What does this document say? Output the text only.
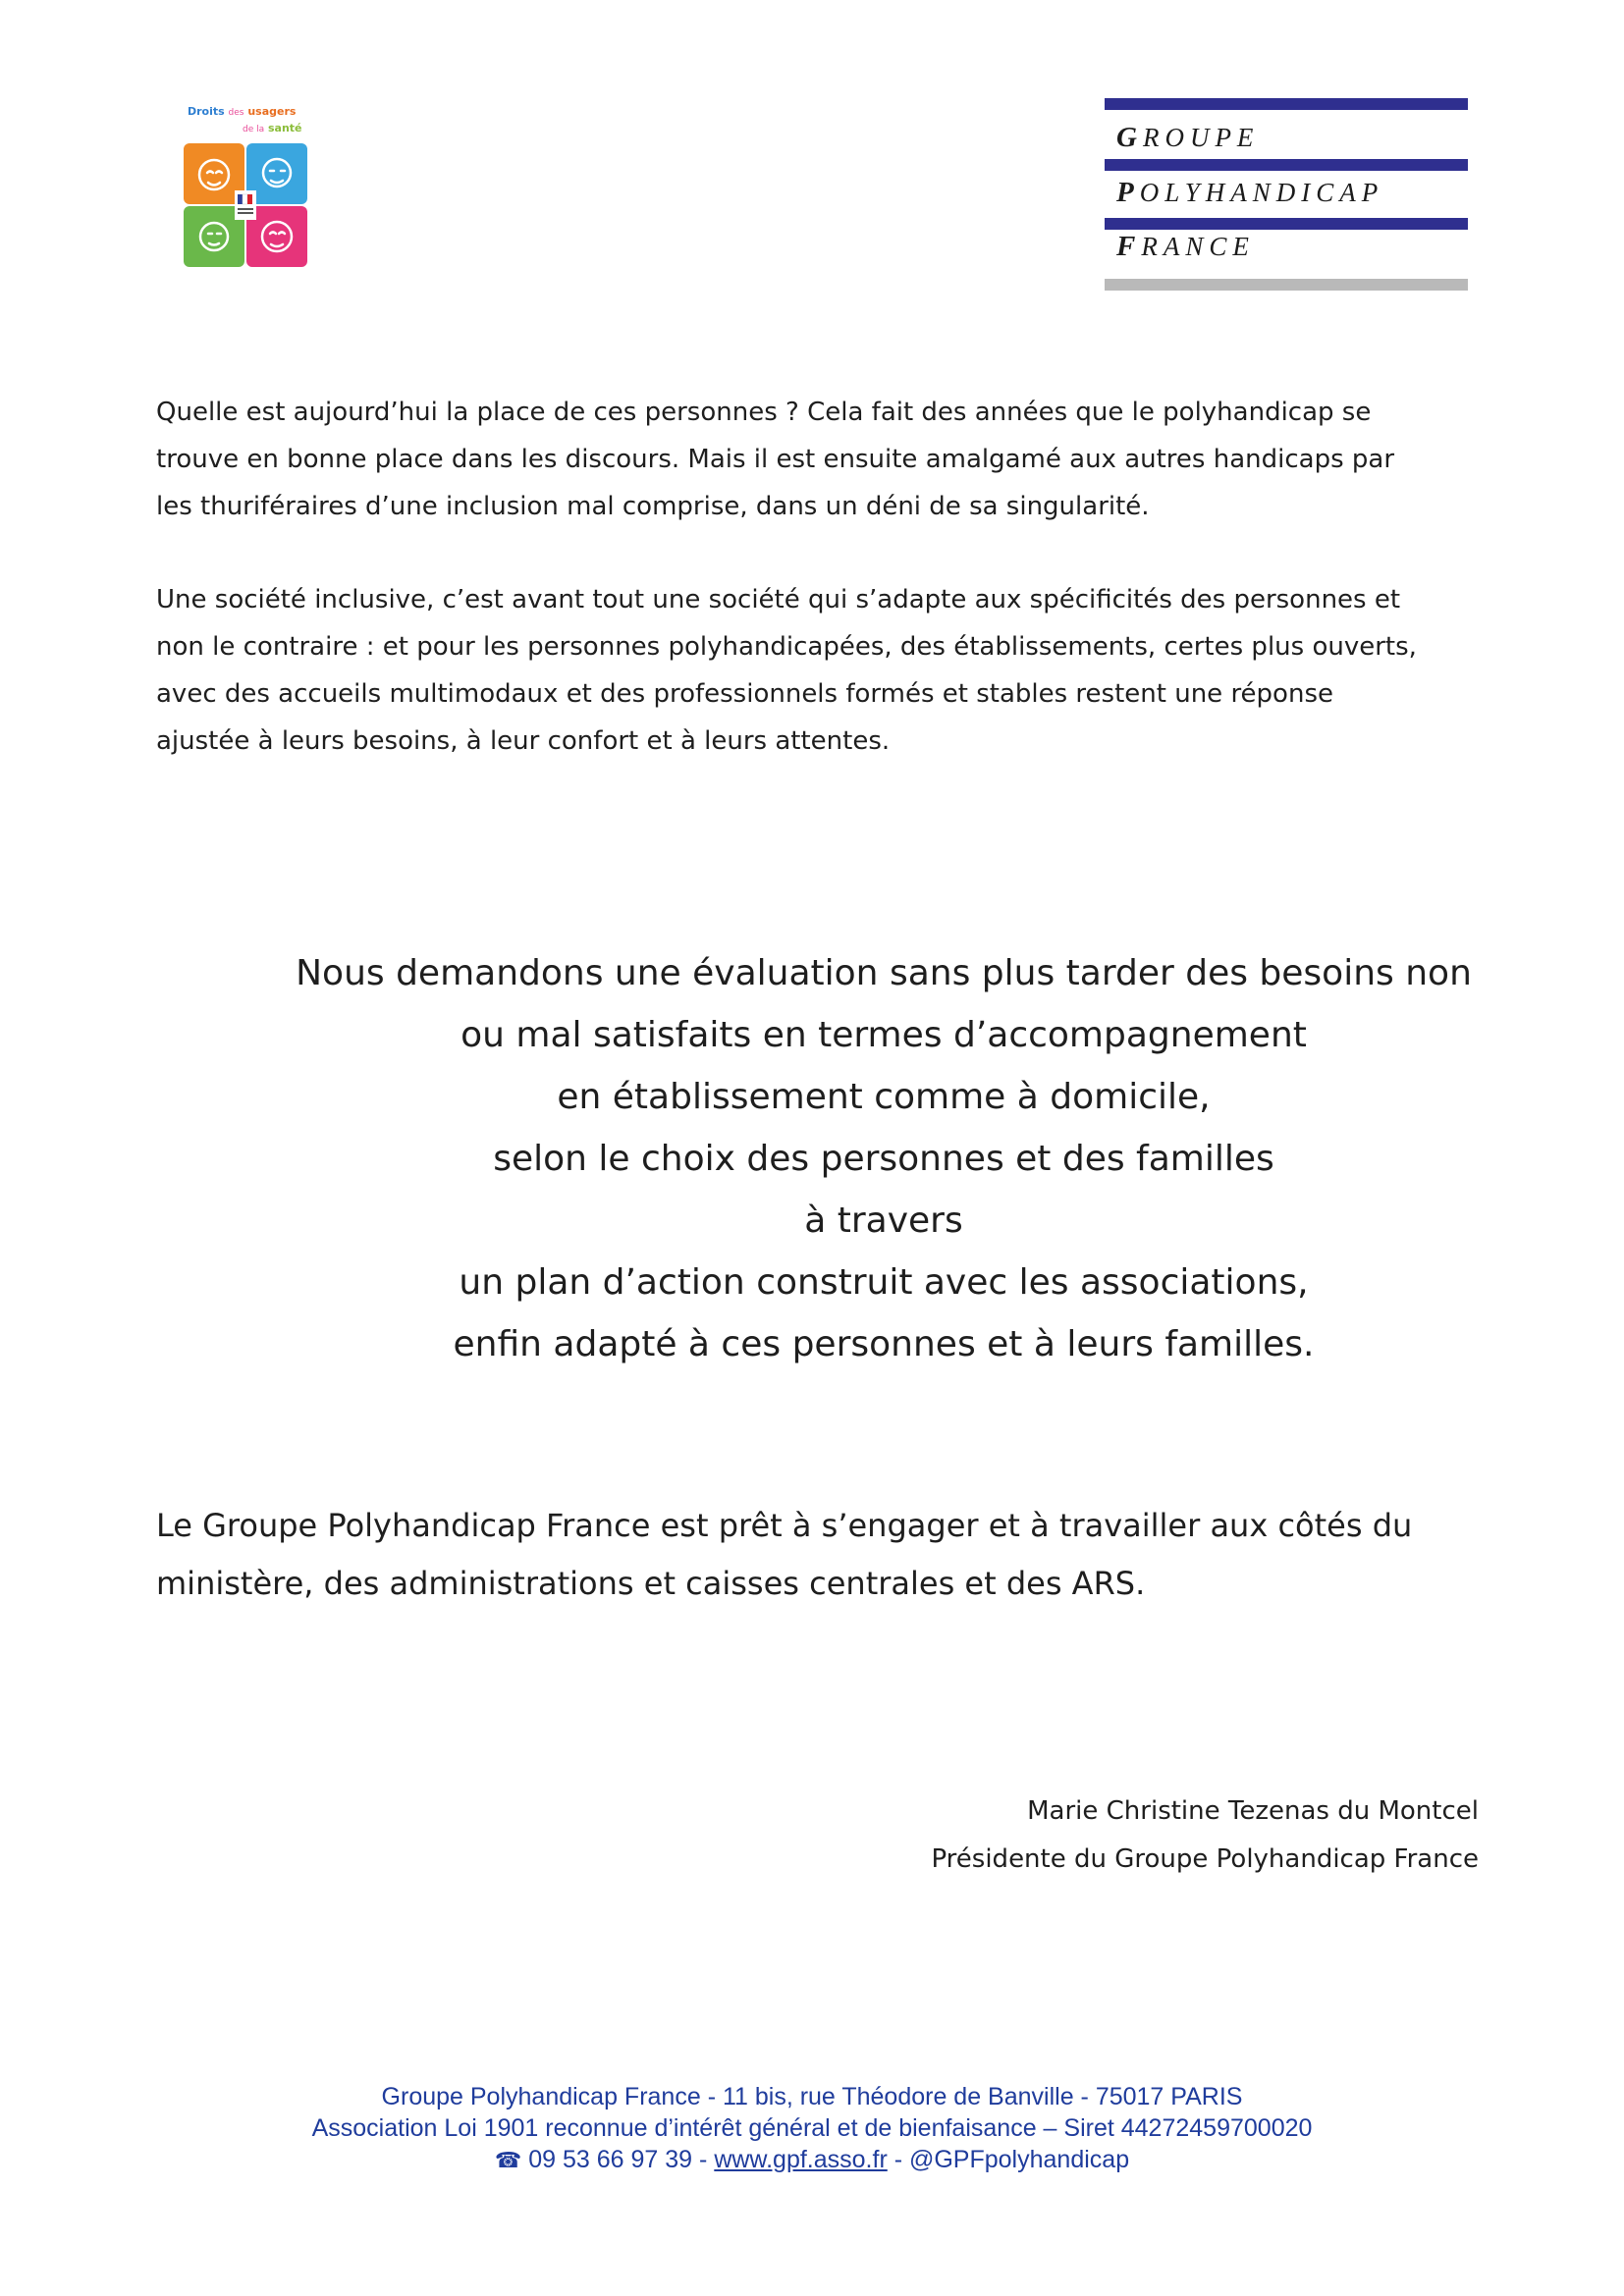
Droits des usagers
de la santé	GROUPE
POLYHANDICAP
FRANCE

Quelle est aujourd’hui la place de ces personnes ? Cela fait des années que le polyhandicap se
trouve en bonne place dans les discours. Mais il est ensuite amalgamé aux autres handicaps par
les thuriféraires d’une inclusion mal comprise, dans un déni de sa singularité.

Une société inclusive, c’est avant tout une société qui s’adapte aux spécificités des personnes et
non le contraire : et pour les personnes polyhandicapées, des établissements, certes plus ouverts,
avec des accueils multimodaux et des professionnels formés et stables restent une réponse
ajustée à leurs besoins, à leur confort et à leurs attentes.

Nous demandons une évaluation sans plus tarder des besoins non
ou mal satisfaits en termes d’accompagnement
en établissement comme à domicile,
selon le choix des personnes et des familles
à travers
un plan d’action construit avec les associations,
enfin adapté à ces personnes et à leurs familles.

Le Groupe Polyhandicap France est prêt à s’engager et à travailler aux côtés du
ministère, des administrations et caisses centrales et des ARS.

Marie Christine Tezenas du Montcel
Présidente du Groupe Polyhandicap France
Groupe Polyhandicap France - 11 bis, rue Théodore de Banville - 75017 PARIS
Association Loi 1901 reconnue d’intérêt général et de bienfaisance – Siret 44272459700020
☎ 09 53 66 97 39 - www.gpf.asso.fr - @GPFpolyhandicap
